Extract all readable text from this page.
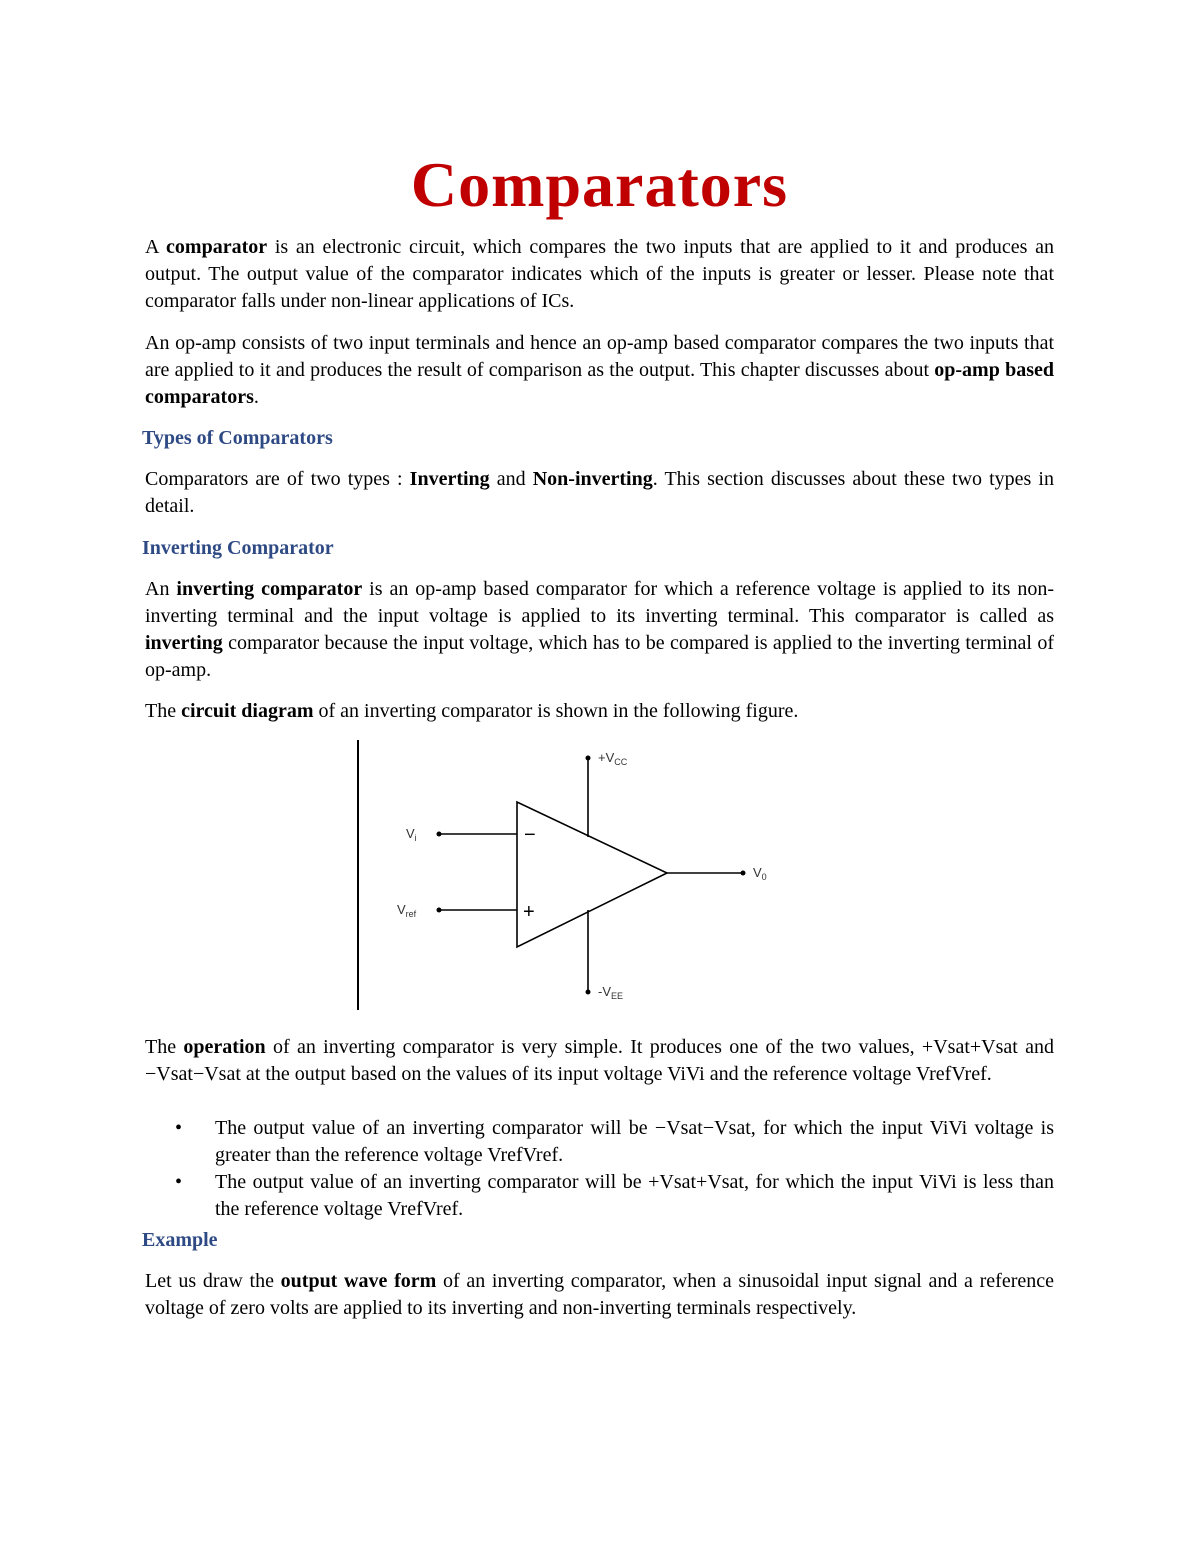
Comparators

A comparator is an electronic circuit, which compares the two inputs that are applied to it and produces an output. The output value of the comparator indicates which of the inputs is greater or lesser. Please note that comparator falls under non-linear applications of ICs.

An op-amp consists of two input terminals and hence an op-amp based comparator compares the two inputs that are applied to it and produces the result of comparison as the output. This chapter discusses about op-amp based comparators.

Types of Comparators

Comparators are of two types : Inverting and Non-inverting. This section discusses about these two types in detail.

Inverting Comparator

An inverting comparator is an op-amp based comparator for which a reference voltage is applied to its non-inverting terminal and the input voltage is applied to its inverting terminal. This comparator is called as inverting comparator because the input voltage, which has to be compared is applied to the inverting terminal of op-amp.

The circuit diagram of an inverting comparator is shown in the following figure.

The operation of an inverting comparator is very simple. It produces one of the two values, +Vsat+Vsat and −Vsat−Vsat at the output based on the values of its input voltage ViVi and the reference voltage VrefVref.

• The output value of an inverting comparator will be −Vsat−Vsat, for which the input ViVi voltage is greater than the reference voltage VrefVref.
• The output value of an inverting comparator will be +Vsat+Vsat, for which the input ViVi is less than the reference voltage VrefVref.
Example

Let us draw the output wave form of an inverting comparator, when a sinusoidal input signal and a reference voltage of zero volts are applied to its inverting and non-inverting terminals respectively.

−
+
+VCC
-VEE
Vi
Vref
V0
